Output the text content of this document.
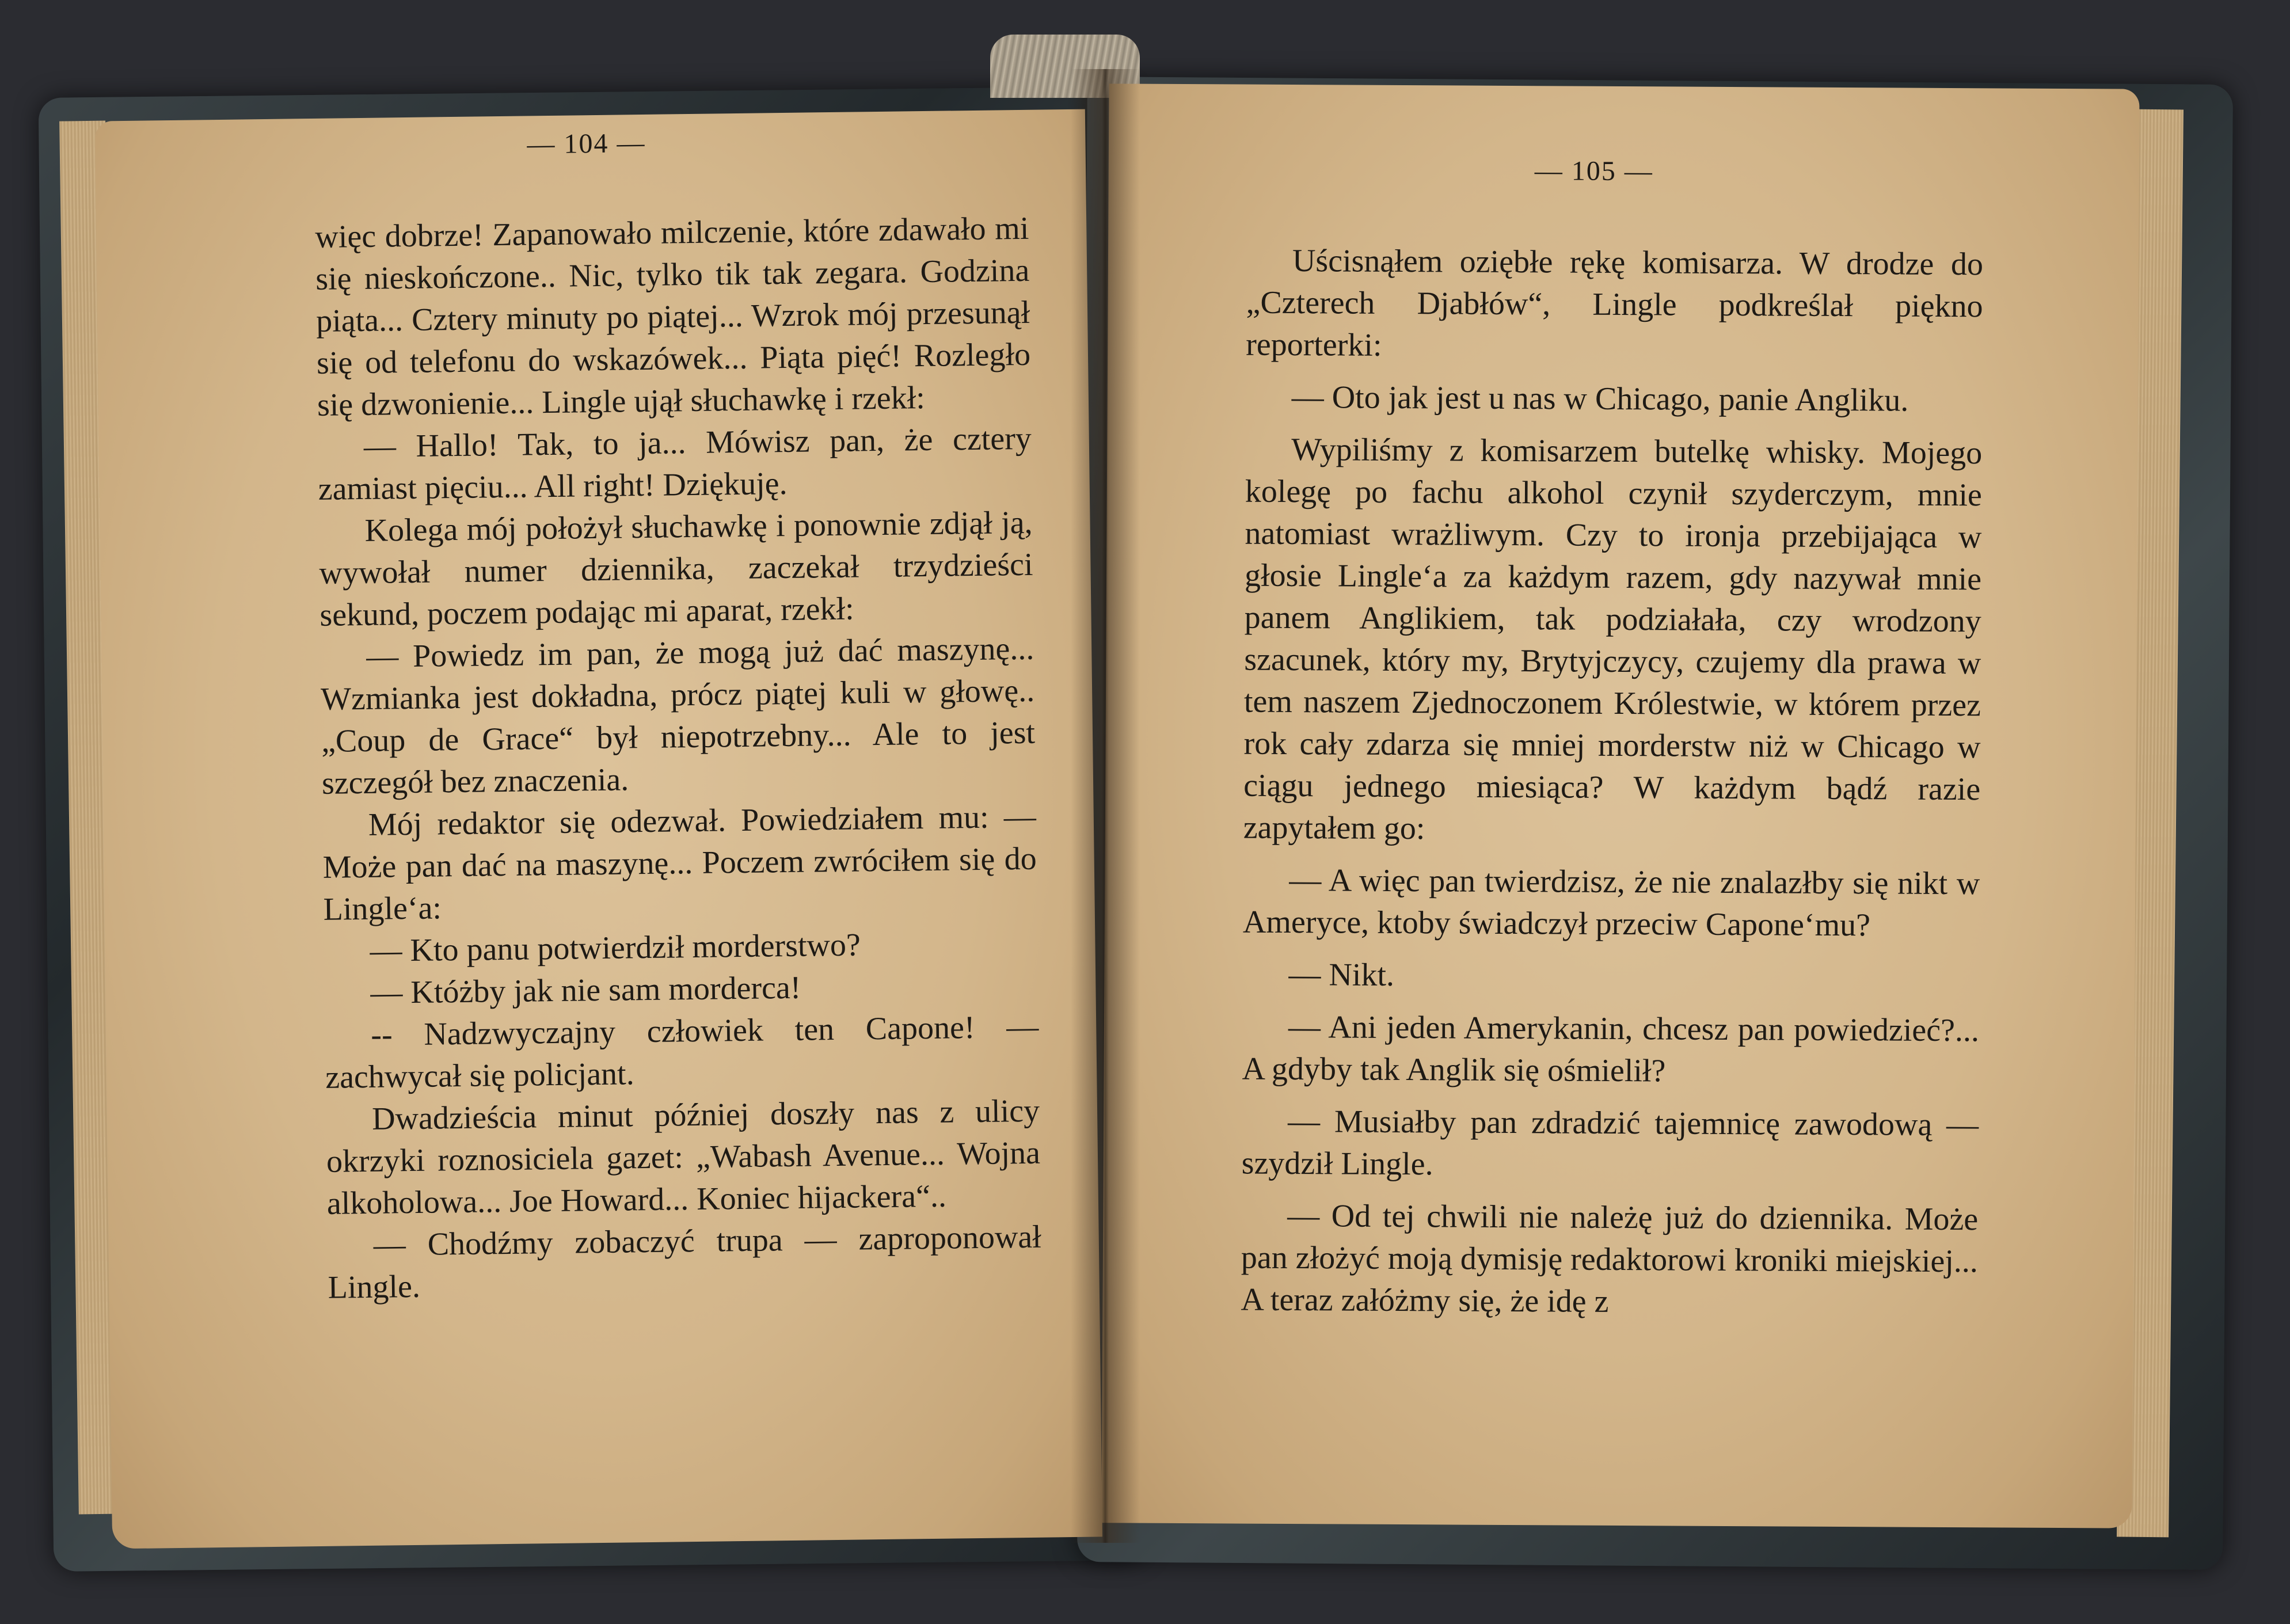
— 104 —

więc dobrze! Zapanowało milczenie, które zdawało mi się nieskończone.. Nic, tylko tik tak zegara. Godzina piąta... Cztery minuty po piątej... Wzrok mój przesunął się od telefonu do wskazówek... Piąta pięć! Rozległo się dzwonienie... Lingle ujął słuchawkę i rzekł:

— Hallo! Tak, to ja... Mówisz pan, że cztery zamiast pięciu... All right! Dziękuję.

Kolega mój położył słuchawkę i ponownie zdjął ją, wywołał numer dziennika, zaczekał trzydzieści sekund, poczem podając mi aparat, rzekł:

— Powiedz im pan, że mogą już dać maszynę... Wzmianka jest dokładna, prócz piątej kuli w głowę.. „Coup de Grace“ był niepotrzebny... Ale to jest szczegół bez znaczenia.

Mój redaktor się odezwał. Powiedziałem mu: — Może pan dać na maszynę... Poczem zwróciłem się do Lingle‘a:

— Kto panu potwierdził morderstwo?

— Któżby jak nie sam morderca!

-- Nadzwyczajny człowiek ten Capone! — zachwycał się policjant.

Dwadzieścia minut później doszły nas z ulicy okrzyki roznosiciela gazet: „Wabash Avenue... Wojna alkoholowa... Joe Howard... Koniec hijackera“..

— Chodźmy zobaczyć trupa — zaproponował Lingle.

— 105 —

Uścisnąłem oziębłe rękę komisarza. W drodze do „Czterech Djabłów“, Lingle podkreślał piękno reporterki:

— Oto jak jest u nas w Chicago, panie Angliku.

Wypiliśmy z komisarzem butelkę whisky. Mojego kolegę po fachu alkohol czynił szyderczym, mnie natomiast wrażliwym. Czy to ironja przebijająca w głosie Lingle‘a za każdym razem, gdy nazywał mnie panem Anglikiem, tak podziałała, czy wrodzony szacunek, który my, Brytyjczycy, czujemy dla prawa w tem naszem Zjednoczonem Królestwie, w którem przez rok cały zdarza się mniej morderstw niż w Chicago w ciągu jednego miesiąca? W każdym bądź razie zapytałem go:

— A więc pan twierdzisz, że nie znalazłby się nikt w Ameryce, ktoby świadczył przeciw Capone‘mu?

— Nikt.

— Ani jeden Amerykanin, chcesz pan powiedzieć?... A gdyby tak Anglik się ośmielił?

— Musiałby pan zdradzić tajemnicę zawodową — szydził Lingle.

— Od tej chwili nie należę już do dziennika. Może pan złożyć moją dymisję redaktorowi kroniki miejskiej... A teraz załóżmy się, że idę z
